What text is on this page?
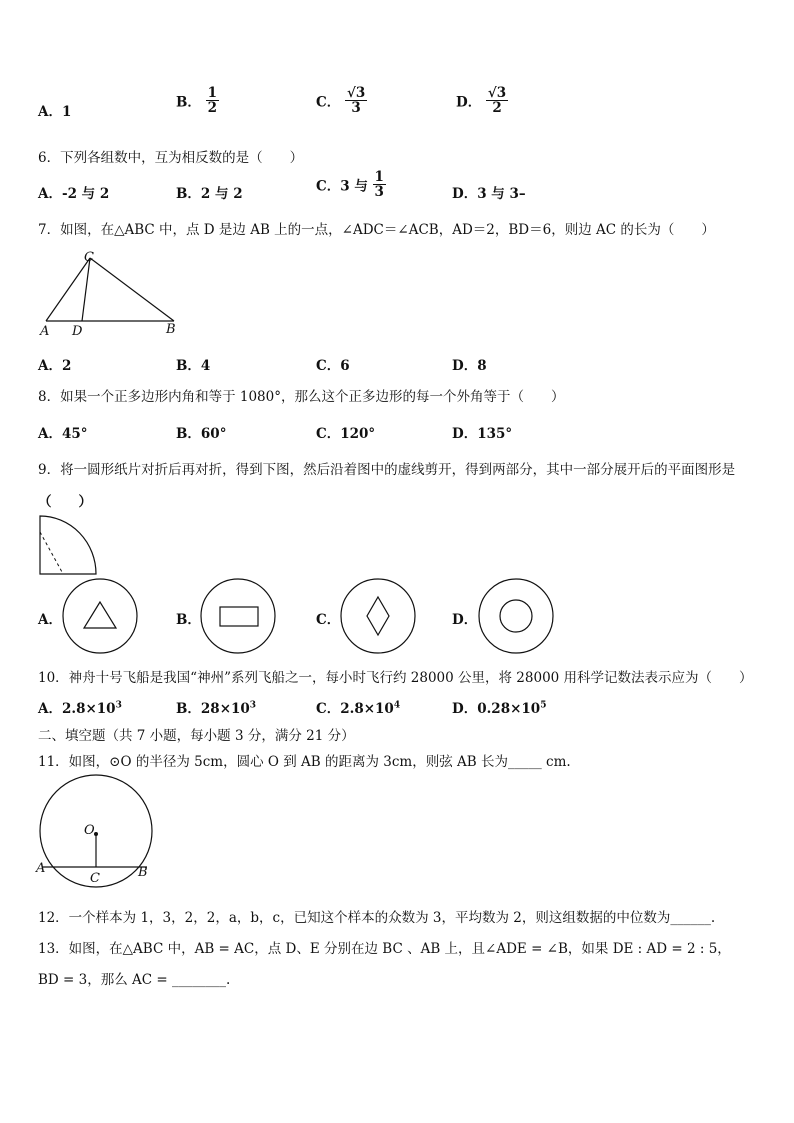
A．1
B． $\frac{1}{2}$	C． $\frac{√3}{3}$	D． $\frac{√3}{2}$
6．下列各组数中，互为相反数的是（　　）
A．-2 与 2	B．2 与 2	C．3 与 $\frac{1}{3}$	D．3 与 3–
7．如图，在△ABC 中，点 D 是边 AB 上的一点，∠ADC＝∠ACB，AD＝2，BD＝6，则边 AC 的长为（　　）
C
A D	B
A．2	B．4	C．6	D．8
8．如果一个正多边形内角和等于 1080°，那么这个正多边形的每一个外角等于（　　）
A．45°	B．60°	C．120°	D．135°
9．将一圆形纸片对折后再对折，得到下图，然后沿着图中的虚线剪开，得到两部分，其中一部分展开后的平面图形是
（　　）
A．	B．	C．	D．
10．神舟十号飞船是我国“神州”系列飞船之一，每小时飞行约 28000 公里，将 28000 用科学记数法表示应为（　　）
A．$2.8\times 10^3$	B．$28\times 10^3$	C．$2.8\times 10^4$	D．$0.28\times 10^5$
二、填空题（共 7 小题，每小题 3 分，满分 21 分）
11．如图，⊙O 的半径为 5cm，圆心 O 到 AB 的距离为 3cm，则弦 AB 长为_____ cm.
O
A	B
C
12．一个样本为 1，3，2，2，a，b，c，已知这个样本的众数为 3，平均数为 2，则这组数据的中位数为______.
13．如图，在△ABC 中，AB = AC，点 D、E 分别在边 BC 、AB 上，且∠ADE = ∠B，如果 DE : AD = 2 : 5，
BD = 3，那么 AC = ________.
